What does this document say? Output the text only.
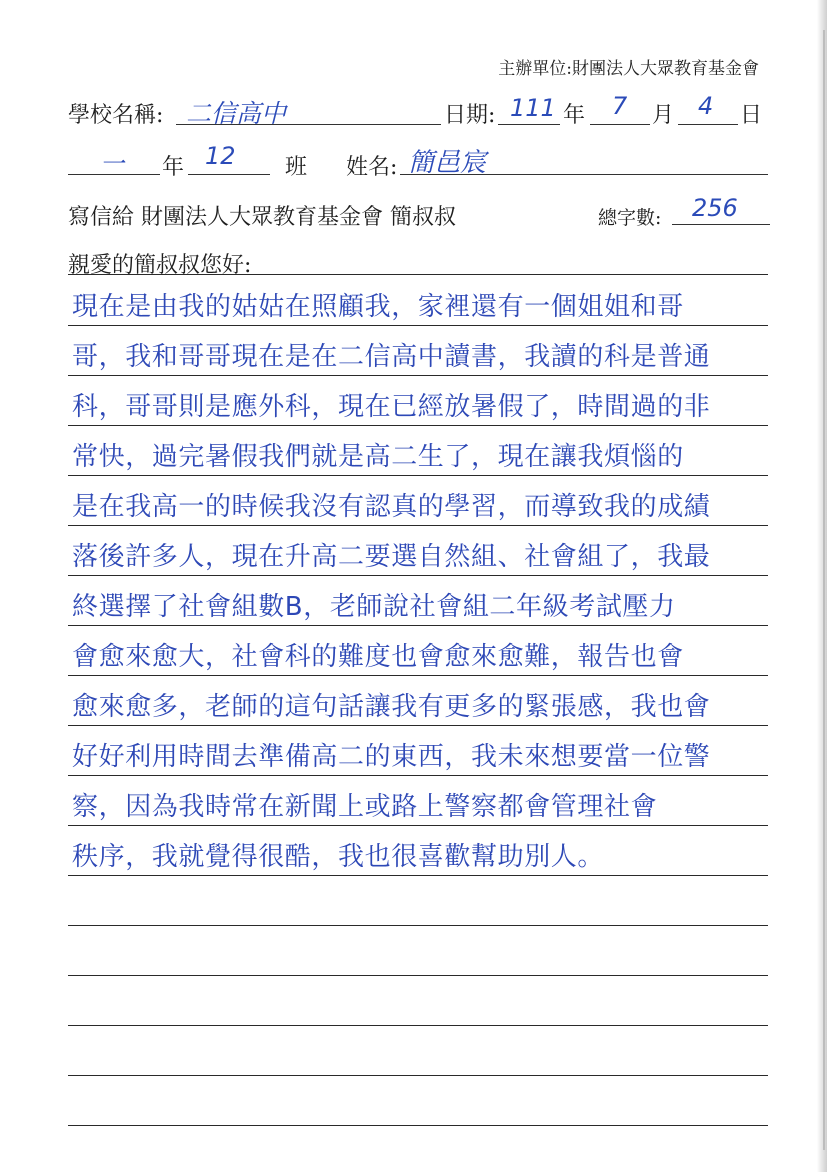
主辦單位:財團法人大眾教育基金會
學校名稱: 二信高中	日期: 111 年 7 月 4 日
一 年 12 班 姓名: 簡邑宸
寫信給 財團法人大眾教育基金會 簡叔叔	總字數: 256
親愛的簡叔叔您好:
現在是由我的姑姑在照顧我，家裡還有一個姐姐和哥
哥，我和哥哥現在是在二信高中讀書，我讀的科是普通
科，哥哥則是應外科，現在已經放暑假了，時間過的非
常快，過完暑假我們就是高二生了，現在讓我煩惱的
是在我高一的時候我沒有認真的學習，而導致我的成績
落後許多人，現在升高二要選自然組、社會組了，我最
終選擇了社會組數B，老師說社會組二年級考試壓力
會愈來愈大，社會科的難度也會愈來愈難，報告也會
愈來愈多，老師的這句話讓我有更多的緊張感，我也會
好好利用時間去準備高二的東西，我未來想要當一位警
察，因為我時常在新聞上或路上警察都會管理社會
秩序，我就覺得很酷，我也很喜歡幫助別人。
